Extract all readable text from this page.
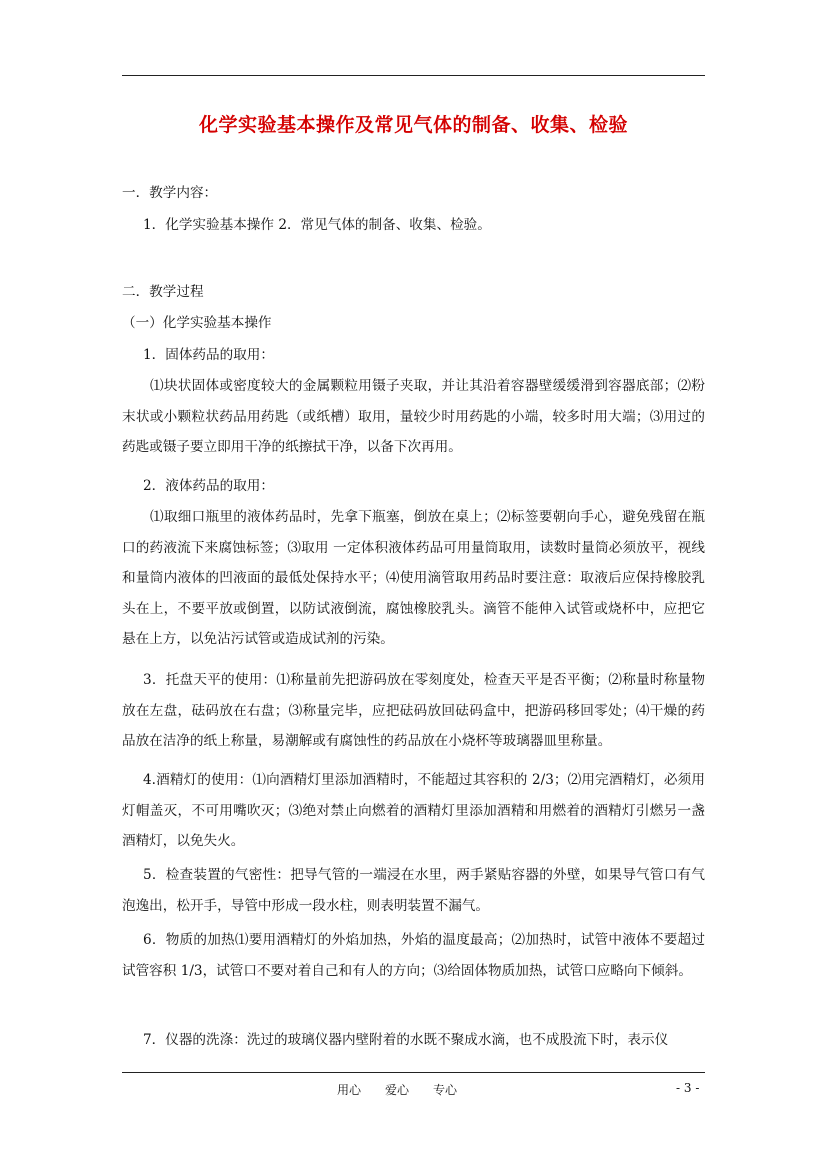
化学实验基本操作及常见气体的制备、收集、检验
一．教学内容：
1．化学实验基本操作 2．常见气体的制备、收集、检验。
二．教学过程
（一）化学实验基本操作
1．固体药品的取用：
⑴块状固体或密度较大的金属颗粒用镊子夹取，并让其沿着容器壁缓缓滑到容器底部；⑵粉末状或小颗粒状药品用药匙（或纸槽）取用，量较少时用药匙的小端，较多时用大端；⑶用过的药匙或镊子要立即用干净的纸擦拭干净，以备下次再用。
2．液体药品的取用：
⑴取细口瓶里的液体药品时，先拿下瓶塞，倒放在桌上；⑵标签要朝向手心，避免残留在瓶口的药液流下来腐蚀标签；⑶取用 一定体积液体药品可用量筒取用，读数时量筒必须放平，视线和量筒内液体的凹液面的最低处保持水平；⑷使用滴管取用药品时要注意：取液后应保持橡胶乳头在上，不要平放或倒置，以防试液倒流，腐蚀橡胶乳头。滴管不能伸入试管或烧杯中，应把它悬在上方，以免沾污试管或造成试剂的污染。
3．托盘天平的使用：⑴称量前先把游码放在零刻度处，检查天平是否平衡；⑵称量时称量物放在左盘，砝码放在右盘；⑶称量完毕，应把砝码放回砝码盒中，把游码移回零处；⑷干燥的药品放在洁净的纸上称量，易潮解或有腐蚀性的药品放在小烧杯等玻璃器皿里称量。
4.酒精灯的使用：⑴向酒精灯里添加酒精时，不能超过其容积的 2/3；⑵用完酒精灯，必须用灯帽盖灭，不可用嘴吹灭；⑶绝对禁止向燃着的酒精灯里添加酒精和用燃着的酒精灯引燃另一盏酒精灯，以免失火。
5．检查装置的气密性：把导气管的一端浸在水里，两手紧贴容器的外壁，如果导气管口有气泡逸出，松开手，导管中形成一段水柱，则表明装置不漏气。
6．物质的加热⑴要用酒精灯的外焰加热，外焰的温度最高；⑵加热时，试管中液体不要超过试管容积 1/3，试管口不要对着自己和有人的方向；⑶给固体物质加热，试管口应略向下倾斜。
7．仪器的洗涤：洗过的玻璃仪器内壁附着的水既不聚成水滴，也不成股流下时，表示仪
用心　　爱心　　专心	- 3 -
